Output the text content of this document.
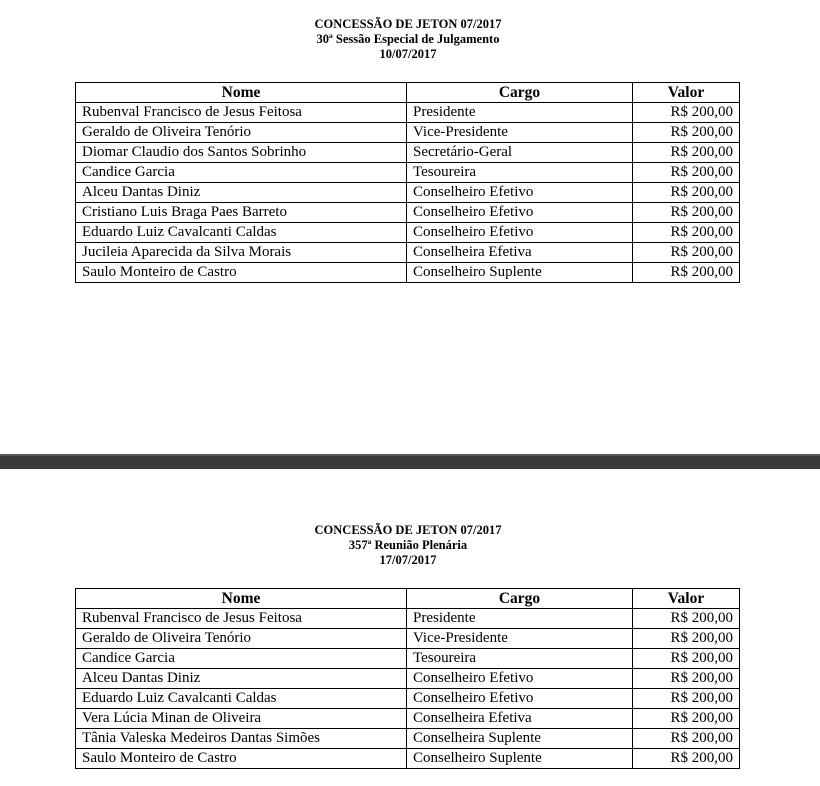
CONCESSÃO DE JETON 07/2017
30ª Sessão Especial de Julgamento
10/07/2017
Nome	Cargo	Valor
Rubenval Francisco de Jesus Feitosa	Presidente	R$ 200,00
Geraldo de Oliveira Tenório	Vice-Presidente	R$ 200,00
Diomar Claudio dos Santos Sobrinho	Secretário-Geral	R$ 200,00
Candice Garcia	Tesoureira	R$ 200,00
Alceu Dantas Diniz	Conselheiro Efetivo	R$ 200,00
Cristiano Luis Braga Paes Barreto	Conselheiro Efetivo	R$ 200,00
Eduardo Luiz Cavalcanti Caldas	Conselheiro Efetivo	R$ 200,00
Jucileia Aparecida da Silva Morais	Conselheira Efetiva	R$ 200,00
Saulo Monteiro de Castro	Conselheiro Suplente	R$ 200,00
CONCESSÃO DE JETON 07/2017
357ª Reunião Plenária
17/07/2017
Nome	Cargo	Valor
Rubenval Francisco de Jesus Feitosa	Presidente	R$ 200,00
Geraldo de Oliveira Tenório	Vice-Presidente	R$ 200,00
Candice Garcia	Tesoureira	R$ 200,00
Alceu Dantas Diniz	Conselheiro Efetivo	R$ 200,00
Eduardo Luiz Cavalcanti Caldas	Conselheiro Efetivo	R$ 200,00
Vera Lúcia Minan de Oliveira	Conselheira Efetiva	R$ 200,00
Tânia Valeska Medeiros Dantas Simões	Conselheira Suplente	R$ 200,00
Saulo Monteiro de Castro	Conselheiro Suplente	R$ 200,00
